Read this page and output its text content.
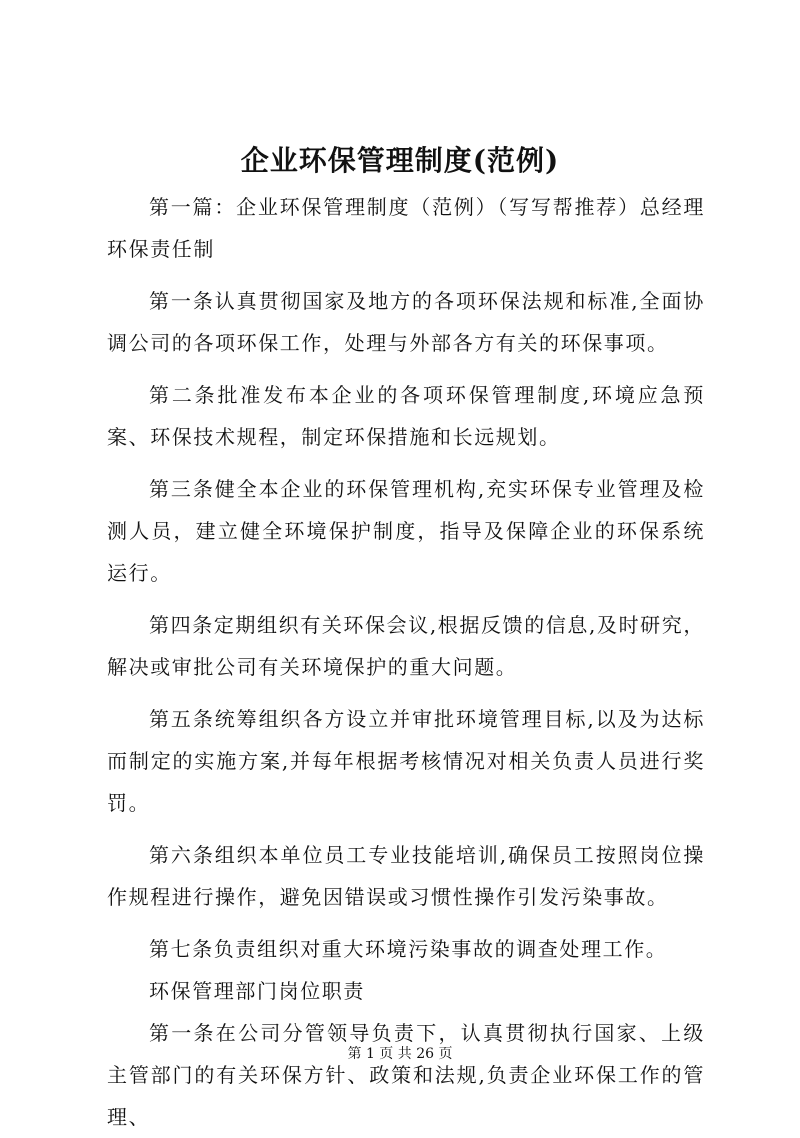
企业环保管理制度(范例)

第一篇：企业环保管理制度（范例）（写写帮推荐）总经理环保责任制

第一条认真贯彻国家及地方的各项环保法规和标准,全面协调公司的各项环保工作，处理与外部各方有关的环保事项。

第二条批准发布本企业的各项环保管理制度,环境应急预案、环保技术规程，制定环保措施和长远规划。

第三条健全本企业的环保管理机构,充实环保专业管理及检测人员，建立健全环境保护制度，指导及保障企业的环保系统运行。

第四条定期组织有关环保会议,根据反馈的信息,及时研究，解决或审批公司有关环境保护的重大问题。

第五条统筹组织各方设立并审批环境管理目标,以及为达标而制定的实施方案,并每年根据考核情况对相关负责人员进行奖罚。

第六条组织本单位员工专业技能培训,确保员工按照岗位操作规程进行操作，避免因错误或习惯性操作引发污染事故。

第七条负责组织对重大环境污染事故的调查处理工作。

环保管理部门岗位职责

第一条在公司分管领导负责下，认真贯彻执行国家、上级主管部门的有关环保方针、政策和法规,负责企业环保工作的管理、

第 1 页 共 26 页
